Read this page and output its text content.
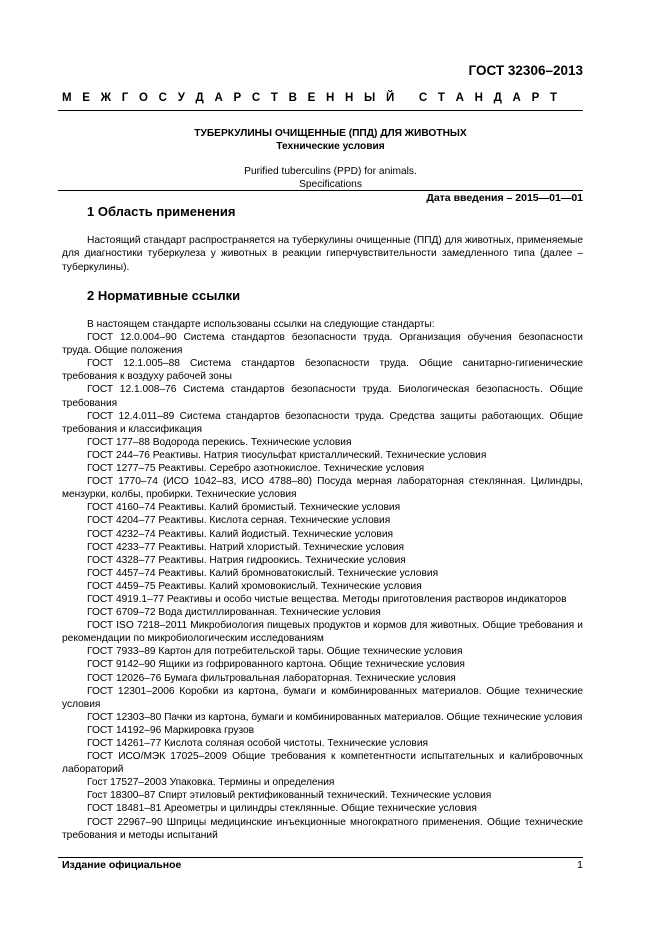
ГОСТ 32306–2013
М Е Ж Г О С У Д А Р С Т В Е Н Н Ы Й
С Т А Н Д А Р Т
ТУБЕРКУЛИНЫ ОЧИЩЕННЫЕ (ППД) ДЛЯ ЖИВОТНЫХ
Технические условия
Purified tuberculins (PPD) for animals.
Specifications
Дата введения – 2015—01—01
1 Область применения

Настоящий стандарт распространяется на туберкулины очищенные (ППД) для животных, применяемые для диагностики туберкулеза у животных в реакции гиперчувствительности замедленного типа (далее – туберкулины).

2 Нормативные ссылки

В настоящем стандарте использованы ссылки на следующие стандарты:

ГОСТ 12.0.004–90 Система стандартов безопасности труда. Организация обучения безопасности труда. Общие положения

ГОСТ 12.1.005–88 Система стандартов безопасности труда. Общие санитарно-гигиенические требования к воздуху рабочей зоны

ГОСТ 12.1.008–76 Система стандартов безопасности труда. Биологическая безопасность. Общие требования

ГОСТ 12.4.011–89 Система стандартов безопасности труда. Средства защиты работающих. Общие требования и классификация

ГОСТ 177–88 Водорода перекись. Технические условия

ГОСТ 244–76 Реактивы. Натрия тиосульфат кристаллический. Технические условия

ГОСТ 1277–75 Реактивы. Серебро азотнокислое. Технические условия

ГОСТ 1770–74 (ИСО 1042–83, ИСО 4788–80) Посуда мерная лабораторная стеклянная. Цилиндры, мензурки, колбы, пробирки. Технические условия

ГОСТ 4160–74 Реактивы. Калий бромистый. Технические условия

ГОСТ 4204–77 Реактивы. Кислота серная. Технические условия

ГОСТ 4232–74 Реактивы. Калий йодистый. Технические условия

ГОСТ 4233–77 Реактивы. Натрий хлористый. Технические условия

ГОСТ 4328–77 Реактивы. Натрия гидроокись. Технические условия

ГОСТ 4457–74 Реактивы. Калий бромноватокислый. Технические условия

ГОСТ 4459–75 Реактивы. Калий хромовокислый. Технические условия

ГОСТ 4919.1–77 Реактивы и особо чистые вещества. Методы приготовления растворов индикаторов

ГОСТ 6709–72 Вода дистиллированная. Технические условия

ГОСТ ISO 7218–2011 Микробиология пищевых продуктов и кормов для животных. Общие требования и рекомендации по микробиологическим исследованиям

ГОСТ 7933–89 Картон для потребительской тары. Общие технические условия

ГОСТ 9142–90 Ящики из гофрированного картона. Общие технические условия

ГОСТ 12026–76 Бумага фильтровальная лабораторная. Технические условия

ГОСТ 12301–2006 Коробки из картона, бумаги и комбинированных материалов. Общие технические условия

ГОСТ 12303–80 Пачки из картона, бумаги и комбинированных материалов. Общие технические условия

ГОСТ 14192–96 Маркировка грузов

ГОСТ 14261–77 Кислота соляная особой чистоты. Технические условия

ГОСТ ИСО/МЭК 17025–2009 Общие требования к компетентности испытательных и калибровочных лабораторий

Гост 17527–2003 Упаковка. Термины и определения

Гост 18300–87 Спирт этиловый ректификованный технический. Технические условия

ГОСТ 18481–81 Ареометры и цилиндры стеклянные. Общие технические условия

ГОСТ 22967–90 Шприцы медицинские инъекционные многократного применения. Общие технические требования и методы испытаний

Издание официальное	1
